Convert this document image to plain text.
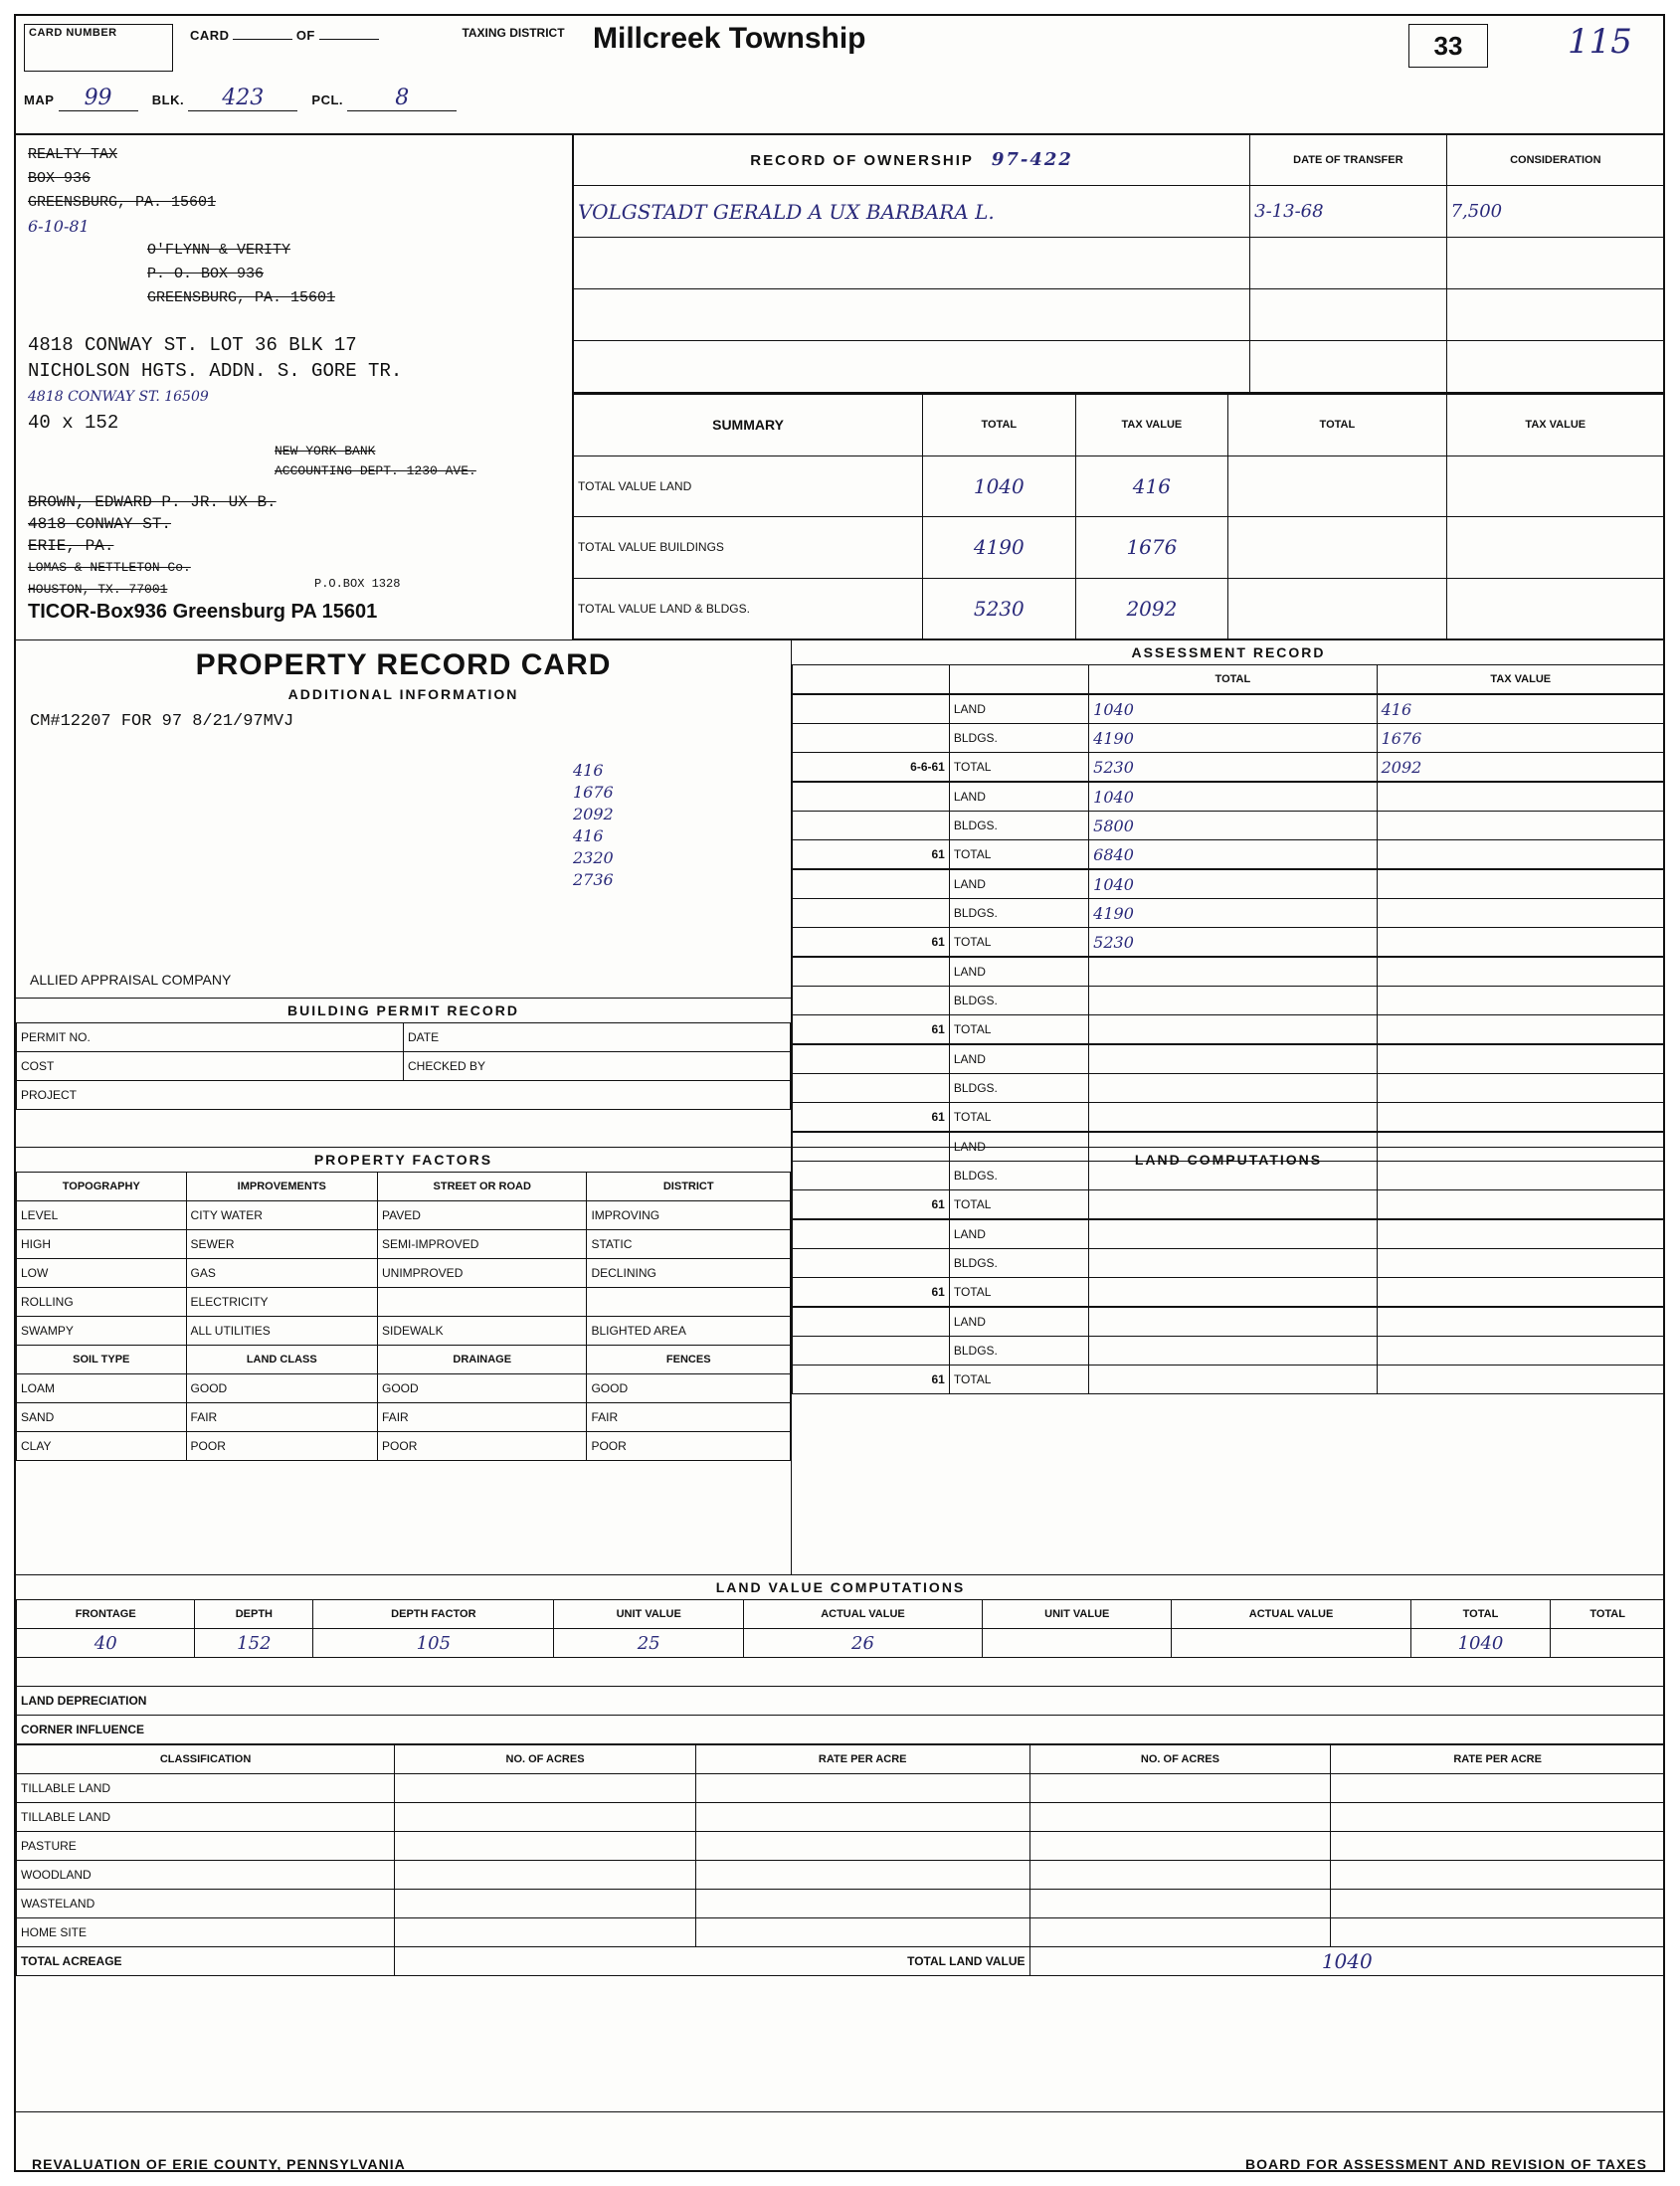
CARD NUMBER	CARD	OF	TAXING DISTRICT Millcreek Township	33	115
MAP 99	BLK. 423	PCL. 8
REALTY TAX
BOX 936
GREENSBURG, PA. 15601
6-10-81
O'FLYNN & VERITY
P. O. BOX 936
GREENSBURG, PA. 15601
4818 CONWAY ST. LOT 36 BLK 17
NICHOLSON HGTS. ADDN. S. GORE TR.
4818 CONWAY ST. 16509
40 x 152
NEW YORK BANK
ACCOUNTING DEPT. 1230 AVE.
BROWN, EDWARD P. JR. UX B.
4818 CONWAY ST.
ERIE, PA.
LOMAS & NETTLETON Co.
HOUSTON, TX. 77001	P.O.BOX 1328
TICOR-Box936 Greensburg PA 15601
RECORD OF OWNERSHIP 97-422	DATE OF TRANSFER	CONSIDERATION
VOLGSTADT GERALD A UX BARBARA L.	3-13-68	7,500

SUMMARY	TOTAL	TAX VALUE	TOTAL	TAX VALUE
TOTAL VALUE LAND	1040	416		
TOTAL VALUE BUILDINGS	4190	1676		
TOTAL VALUE LAND & BLDGS.	5230	2092		
PROPERTY RECORD CARD
ADDITIONAL INFORMATION
CM#12207 FOR 97 8/21/97MVJ
416
1676
2092
416
2320
2736
ALLIED APPRAISAL COMPANY
BUILDING PERMIT RECORD
PERMIT NO.	DATE
COST	CHECKED BY
PROJECT	
ASSESSMENT RECORD
		TOTAL	TAX VALUE
	LAND	1040	416
	BLDGS.	4190	1676
6-6-61	TOTAL	5230	2092
	LAND	1040	
	BLDGS.	5800	
61	TOTAL	6840	
	LAND	1040	
	BLDGS.	4190	
61	TOTAL	5230	
	LAND		
	BLDGS.		
61	TOTAL		
	LAND		
	BLDGS.		
61	TOTAL		
	LAND		
	BLDGS.		
61	TOTAL		
	LAND		
	BLDGS.		
61	TOTAL		
	LAND		
	BLDGS.		
61	TOTAL		
PROPERTY FACTORS
TOPOGRAPHY	IMPROVEMENTS	STREET OR ROAD	DISTRICT
LEVEL	CITY WATER	PAVED	IMPROVING
HIGH	SEWER	SEMI-IMPROVED	STATIC
LOW	GAS	UNIMPROVED	DECLINING
ROLLING	ELECTRICITY		
SWAMPY	ALL UTILITIES	SIDEWALK	BLIGHTED AREA
SOIL TYPE	LAND CLASS	DRAINAGE	FENCES
LOAM	GOOD	GOOD	GOOD
SAND	FAIR	FAIR	FAIR
CLAY	POOR	POOR	POOR
LAND COMPUTATIONS
LAND VALUE COMPUTATIONS
FRONTAGE	DEPTH	DEPTH FACTOR	UNIT VALUE	ACTUAL VALUE	UNIT VALUE	ACTUAL VALUE	TOTAL	TOTAL
40	152	105	25	26			1040	

LAND DEPRECIATION								
CORNER INFLUENCE								
CLASSIFICATION	NO. OF ACRES	RATE PER ACRE	NO. OF ACRES	RATE PER ACRE
TILLABLE LAND				
TILLABLE LAND				
PASTURE				
WOODLAND				
WASTELAND				
HOME SITE				
TOTAL ACREAGE	TOTAL LAND VALUE		1040	
REVALUATION OF ERIE COUNTY, PENNSYLVANIA	BOARD FOR ASSESSMENT AND REVISION OF TAXES
